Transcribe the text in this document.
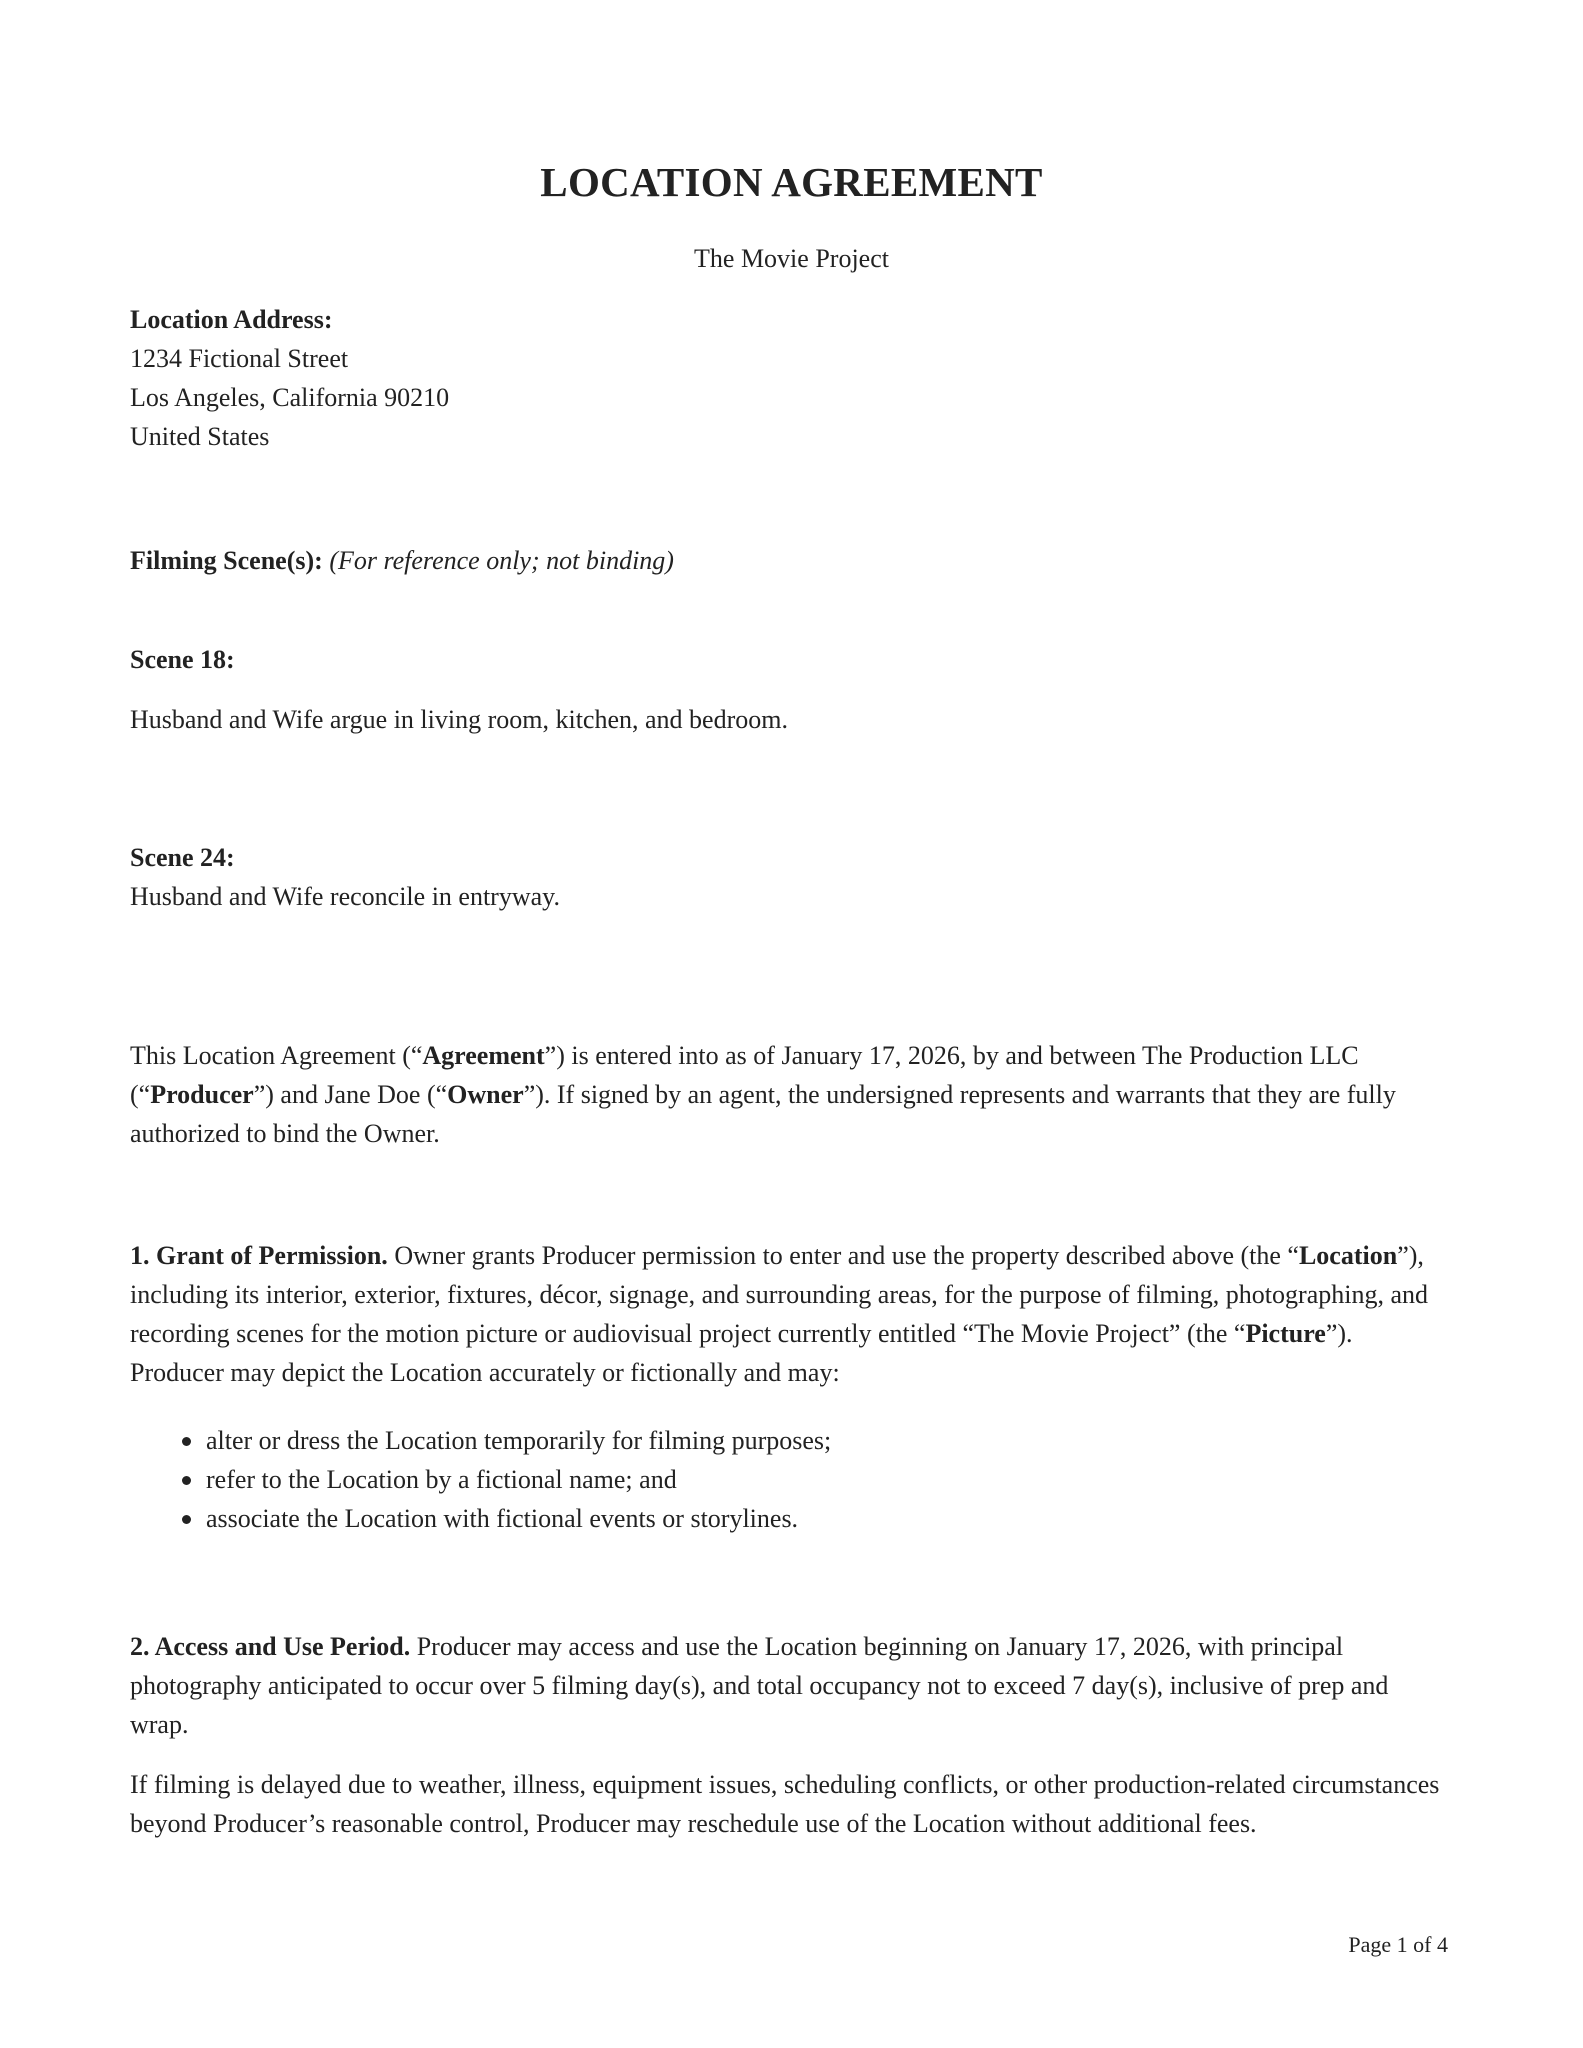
LOCATION AGREEMENT
The Movie Project
Location Address:
1234 Fictional Street
Los Angeles, California 90210
United States
Filming Scene(s): (For reference only; not binding)
Scene 18:
Husband and Wife argue in living room, kitchen, and bedroom.
Scene 24:
Husband and Wife reconcile in entryway.

This Location Agreement (“Agreement”) is entered into as of January 17, 2026, by and between The Production LLC (“Producer”) and Jane Doe (“Owner”). If signed by an agent, the undersigned represents and warrants that they are fully authorized to bind the Owner.

1. Grant of Permission. Owner grants Producer permission to enter and use the property described above (the “Location”), including its interior, exterior, fixtures, décor, signage, and surrounding areas, for the purpose of filming, photographing, and recording scenes for the motion picture or audiovisual project currently entitled “The Movie Project” (the “Picture”). Producer may depict the Location accurately or fictionally and may:

alter or dress the Location temporarily for filming purposes;
refer to the Location by a fictional name; and
associate the Location with fictional events or storylines.

2. Access and Use Period. Producer may access and use the Location beginning on January 17, 2026, with principal photography anticipated to occur over 5 filming day(s), and total occupancy not to exceed 7 day(s), inclusive of prep and wrap.

If filming is delayed due to weather, illness, equipment issues, scheduling conflicts, or other production-related circumstances beyond Producer’s reasonable control, Producer may reschedule use of the Location without additional fees.

Page 1 of 4
